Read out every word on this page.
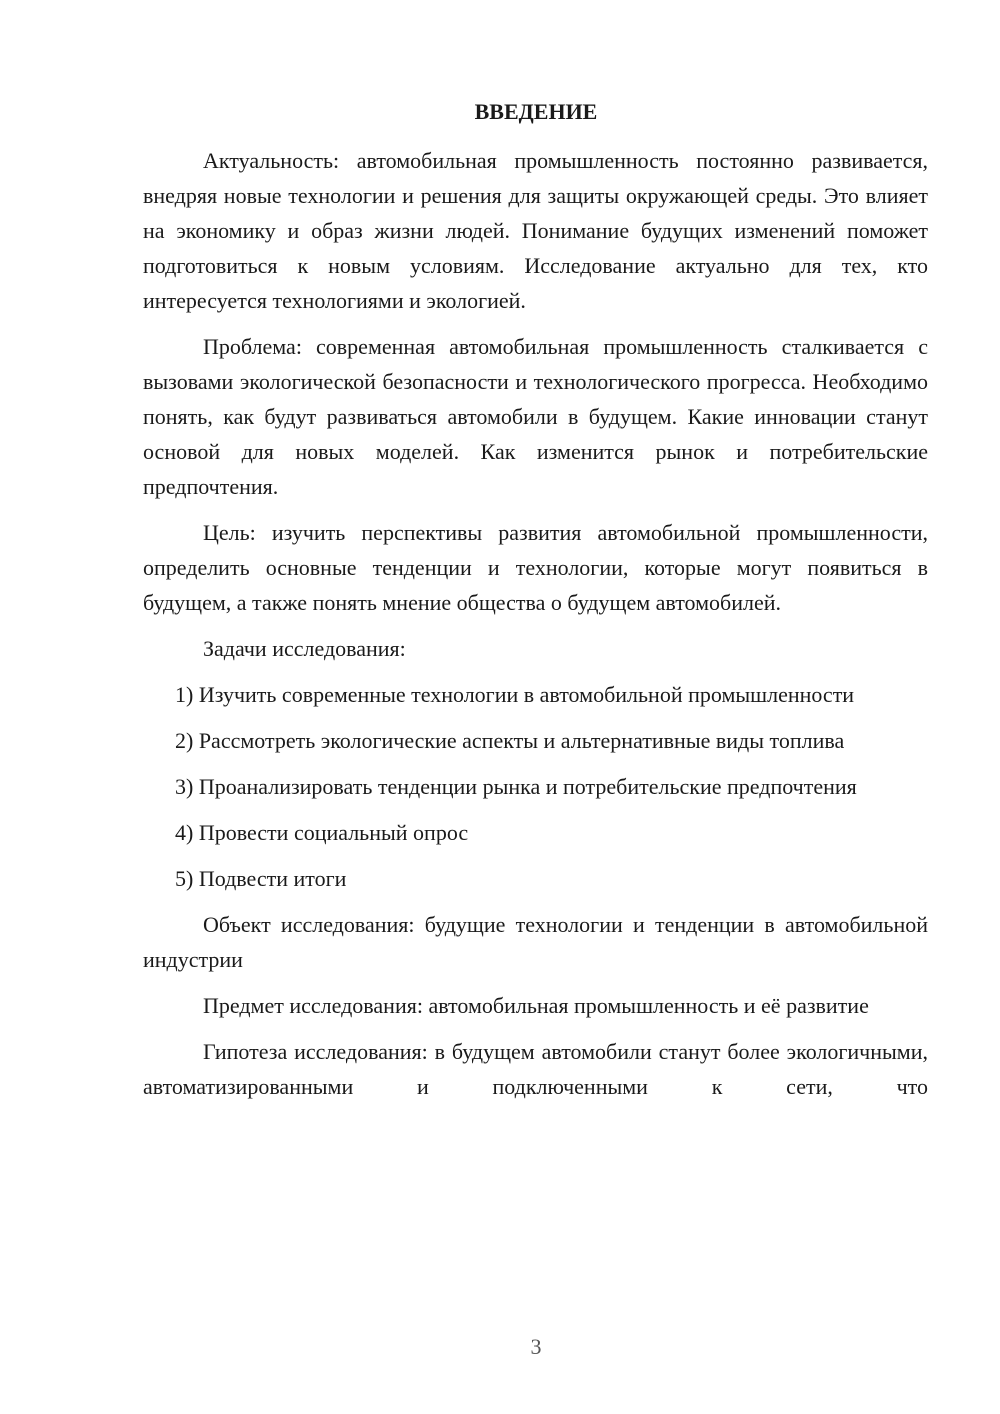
ВВЕДЕНИЕ

Актуальность: автомобильная промышленность постоянно развивается, внедряя новые технологии и решения для защиты окружающей среды. Это влияет на экономику и образ жизни людей. Понимание будущих изменений поможет подготовиться к новым условиям. Исследование актуально для тех, кто интересуется технологиями и экологией.

Проблема: современная автомобильная промышленность сталкивается с вызовами экологической безопасности и технологического прогресса. Необходимо понять, как будут развиваться автомобили в будущем. Какие инновации станут основой для новых моделей. Как изменится рынок и потребительские предпочтения.

Цель: изучить перспективы развития автомобильной промышленности, определить основные тенденции и технологии, которые могут появиться в будущем, а также понять мнение общества о будущем автомобилей.

Задачи исследования:

1) Изучить современные технологии в автомобильной промышленности

2) Рассмотреть экологические аспекты и альтернативные виды топлива

3) Проанализировать тенденции рынка и потребительские предпочтения

4) Провести социальный опрос

5) Подвести итоги

Объект исследования: будущие технологии и тенденции в автомобильной индустрии

Предмет исследования: автомобильная промышленность и её развитие

Гипотеза исследования: в будущем автомобили станут более экологичными, автоматизированными и подключенными к сети, что

3
